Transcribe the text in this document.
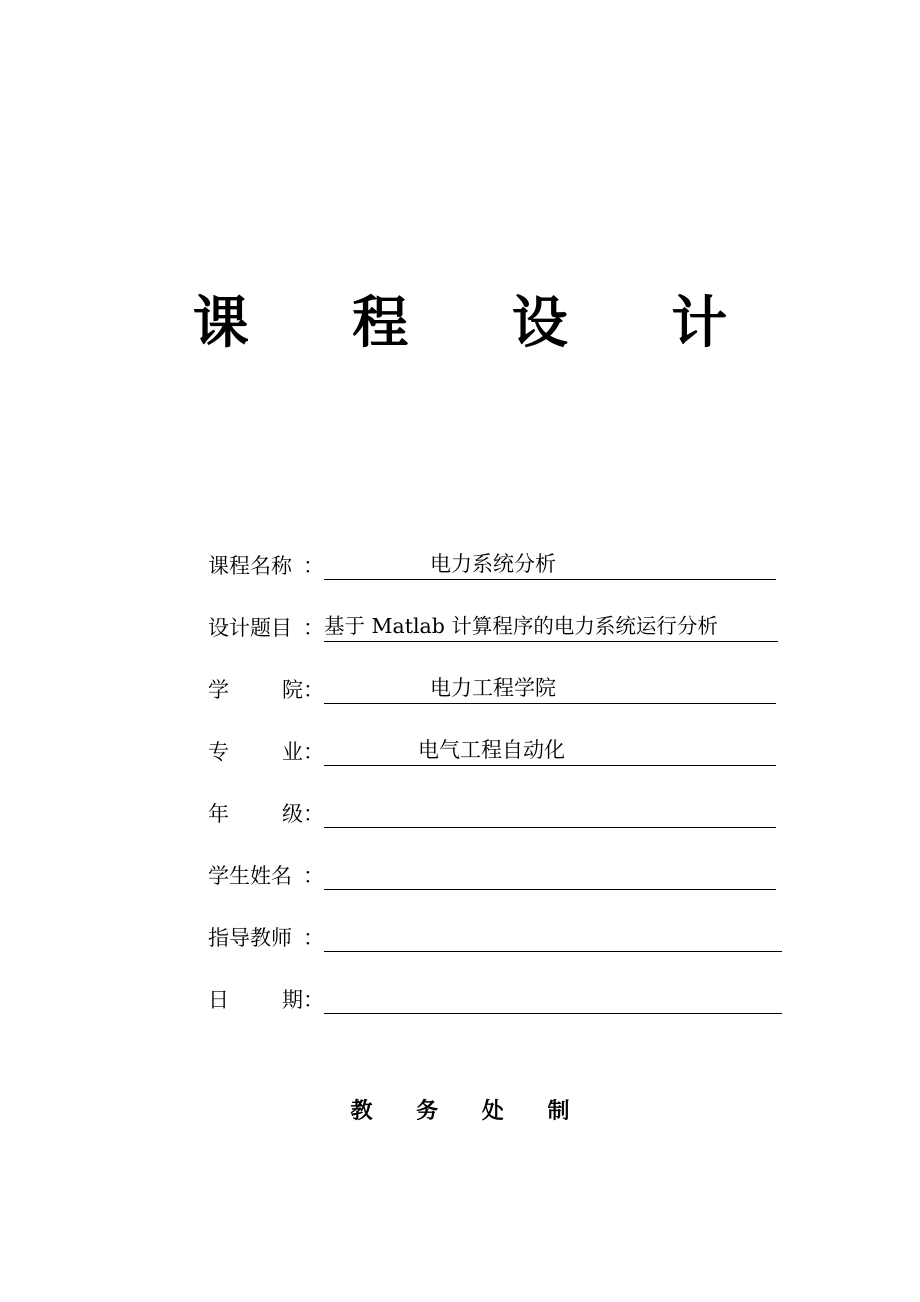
课 程 设 计
课程名称 ：	电力系统分析
设计题目 ： 基于 Matlab 计算程序的电力系统运行分析
学	院：	电力工程学院
专	业：	电气工程自动化
年	级：
学生姓名 ：
指导教师 ：
日	期：
教 务 处 制
